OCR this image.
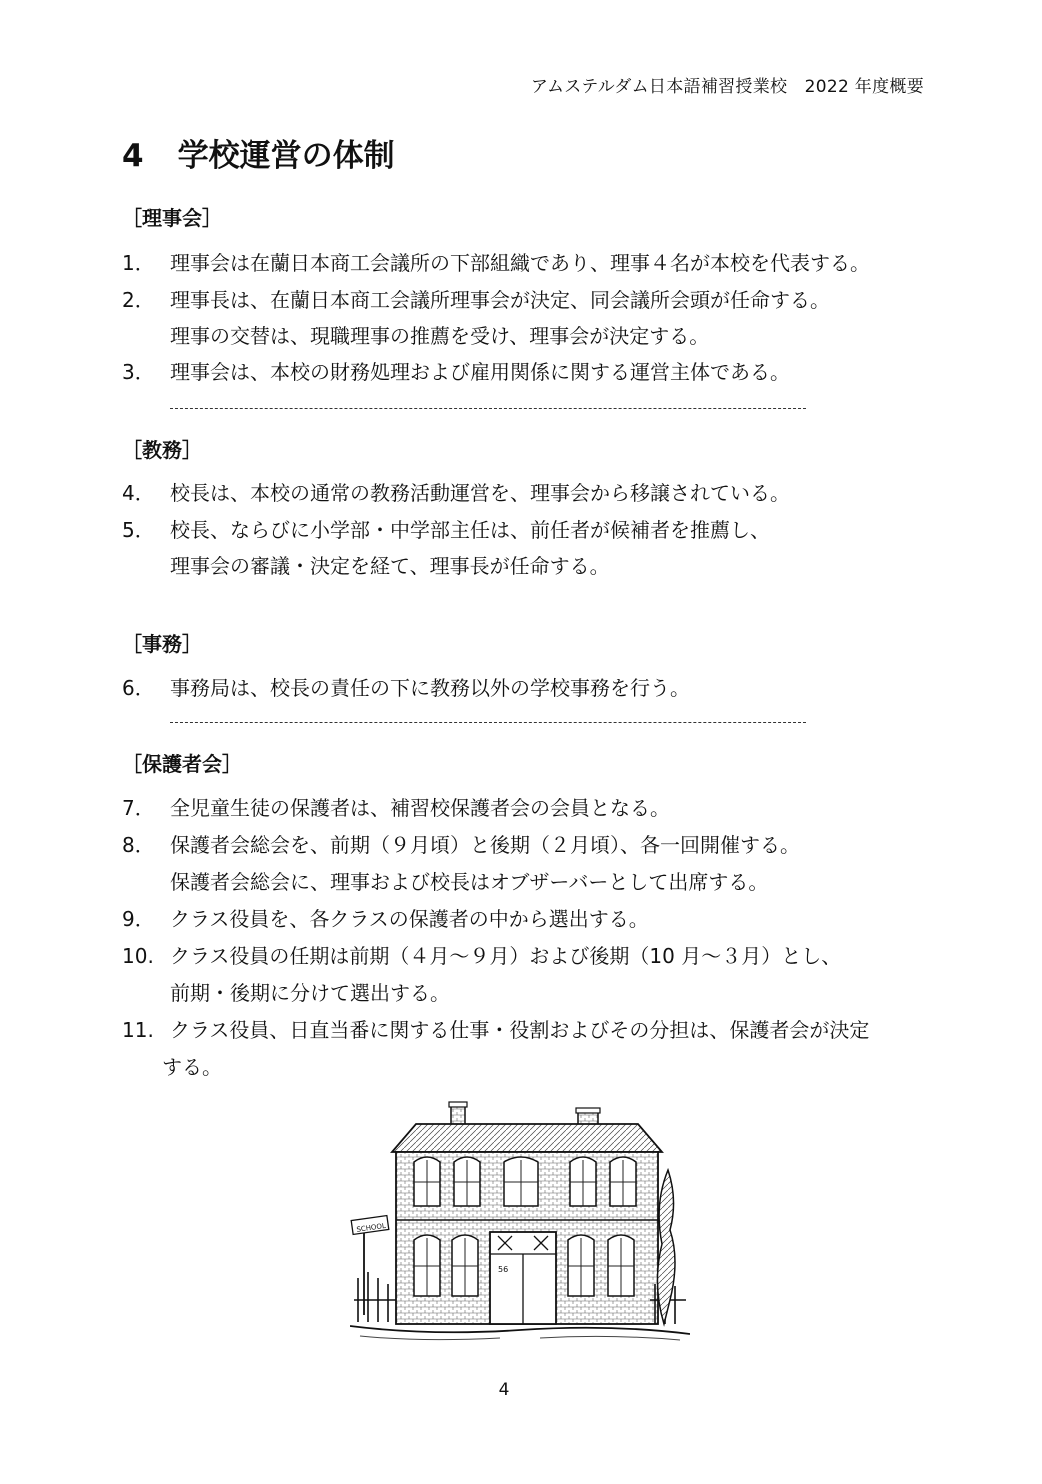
アムステルダム日本語補習授業校　2022 年度概要
4 学校運営の体制
［理事会］
1． 理事会は在蘭日本商工会議所の下部組織であり、理事４名が本校を代表する。
2． 理事長は、在蘭日本商工会議所理事会が決定、同会議所会頭が任命する。
理事の交替は、現職理事の推薦を受け、理事会が決定する。
3． 理事会は、本校の財務処理および雇用関係に関する運営主体である。
［教務］
4． 校長は、本校の通常の教務活動運営を、理事会から移譲されている。
5． 校長、ならびに小学部・中学部主任は、前任者が候補者を推薦し、
理事会の審議・決定を経て、理事長が任命する。
［事務］
6． 事務局は、校長の責任の下に教務以外の学校事務を行う。
［保護者会］
7． 全児童生徒の保護者は、補習校保護者会の会員となる。
8． 保護者会総会を、前期（９月頃）と後期（２月頃）、各一回開催する。
保護者会総会に、理事および校長はオブザーバーとして出席する。
9． クラス役員を、各クラスの保護者の中から選出する。
10. クラス役員の任期は前期（４月～９月）および後期（10 月～３月）とし、
前期・後期に分けて選出する。
11. クラス役員、日直当番に関する仕事・役割およびその分担は、保護者会が決定
する。
56
SCHOOL
4
